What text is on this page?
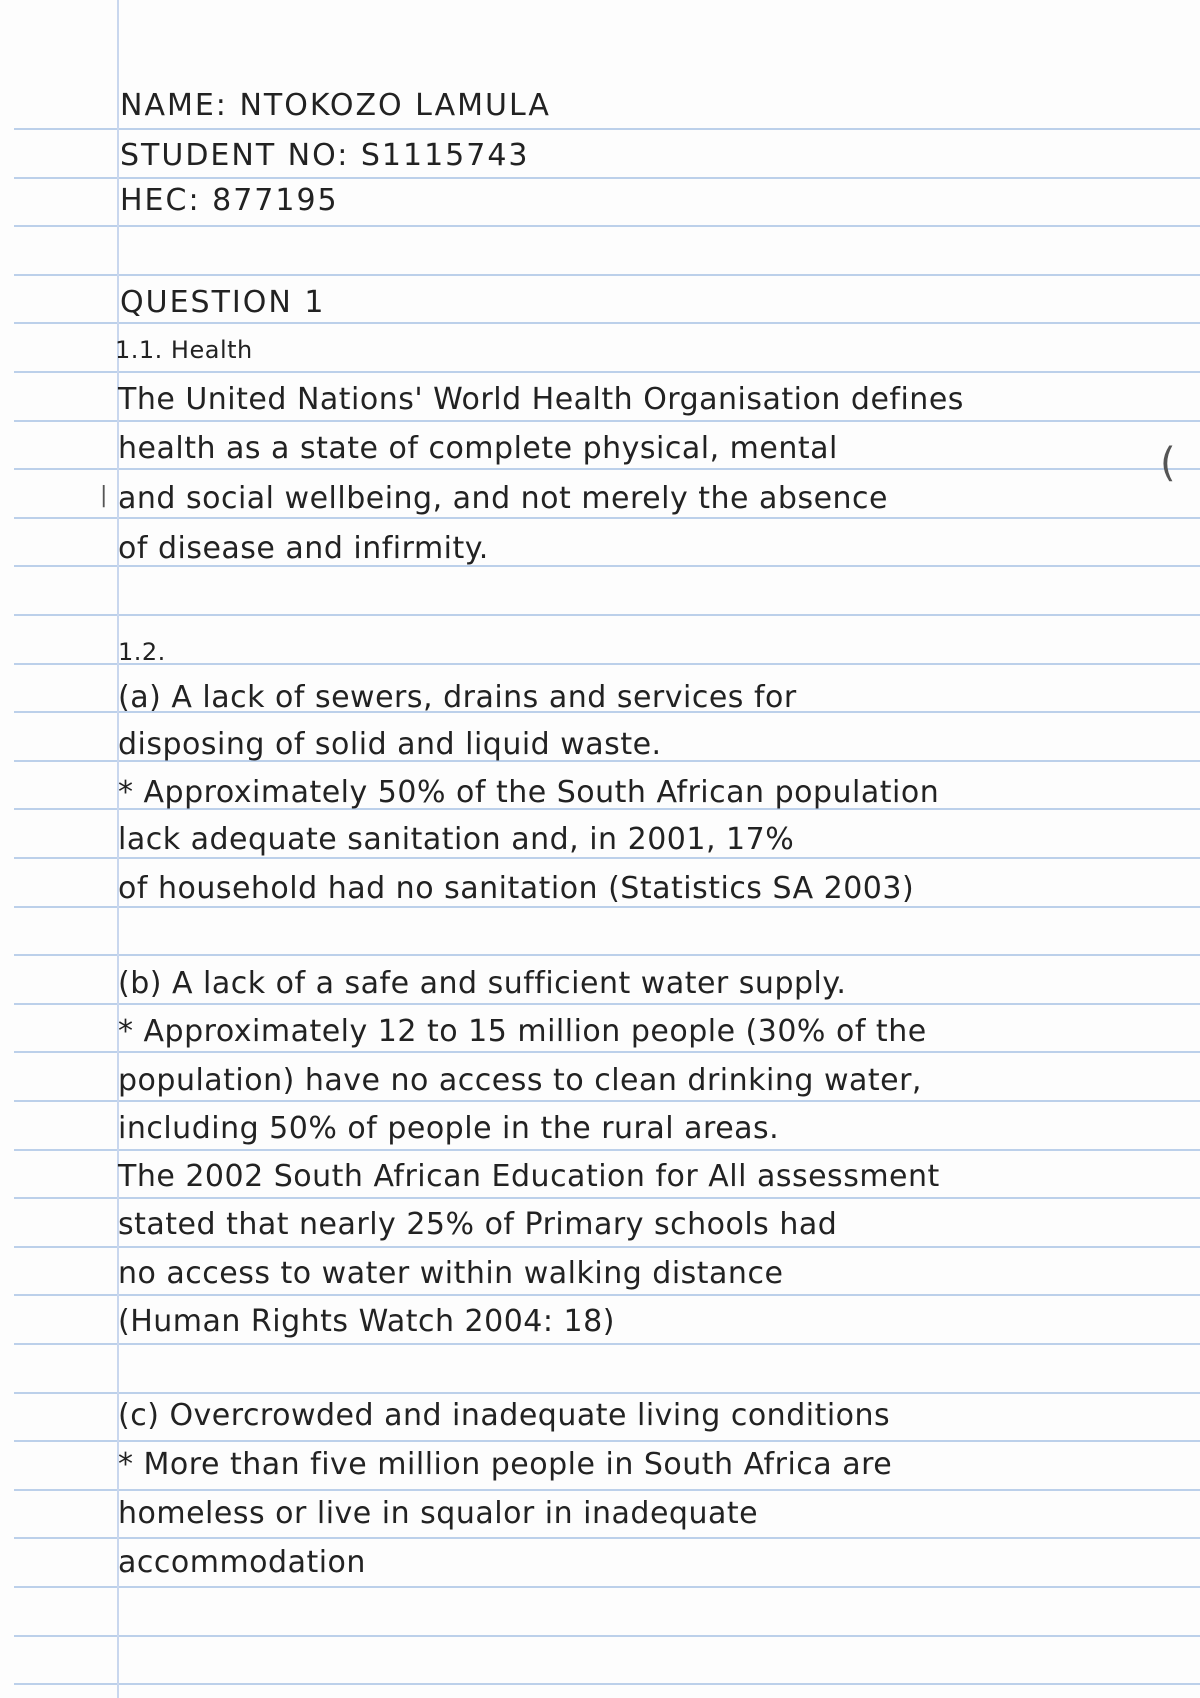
NAME: NTOKOZO LAMULA
STUDENT NO: S1115743
HEC: 877195
QUESTION 1
1.1. Health
The United Nations' World Health Organisation defines
health as a state of complete physical, mental
and social wellbeing, and not merely the absence
of disease and infirmity.
|
(
1.2.
(a) A lack of sewers, drains and services for
disposing of solid and liquid waste.
* Approximately 50% of the South African population
lack adequate sanitation and, in 2001, 17%
of household had no sanitation (Statistics SA 2003)
(b) A lack of a safe and sufficient water supply.
* Approximately 12 to 15 million people (30% of the
population) have no access to clean drinking water,
including 50% of people in the rural areas.
The 2002 South African Education for All assessment
stated that nearly 25% of Primary schools had
no access to water within walking distance
(Human Rights Watch 2004: 18)
(c) Overcrowded and inadequate living conditions
* More than five million people in South Africa are
homeless or live in squalor in inadequate
accommodation
